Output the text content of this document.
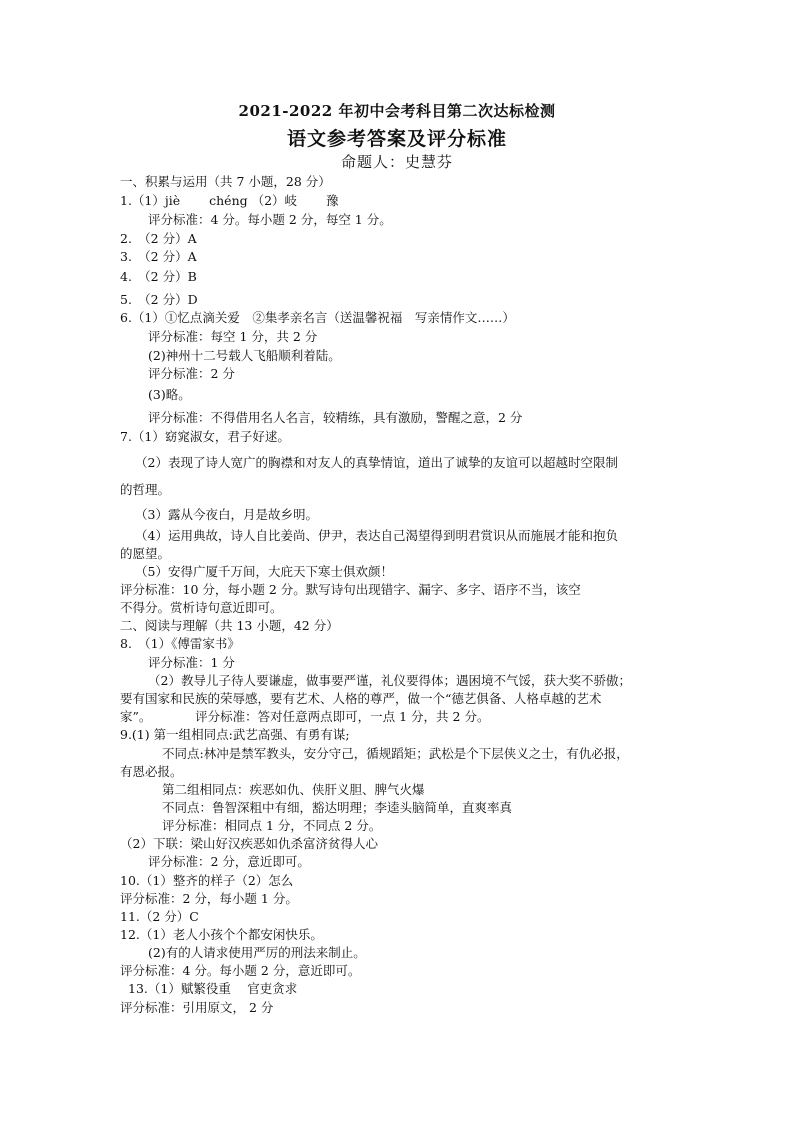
2021-2022 年初中会考科目第二次达标检测
语文参考答案及评分标准
命题人：史慧芬
一、积累与运用（共 7 小题，28 分）
1.（1）jiè　　 chéng （2）岐　　 豫
评分标准：4 分。每小题 2 分，每空 1 分。
2.　（2 分）A
3.　（2 分）A
4.　（2 分）B
5.　（2 分）D
6.（1）①忆点滴关爱　②集孝亲名言（送温馨祝福　写亲情作文……）
评分标准：每空 1 分，共 2 分
(2)神州十二号载人飞船顺利着陆。
评分标准：2 分
(3)略。
评分标准：不得借用名人名言，较精练，具有激励，警醒之意，2 分
7.（1）窈窕淑女，君子好逑。
（2）表现了诗人宽广的胸襟和对友人的真挚情谊，道出了诚挚的友谊可以超越时空限制
的哲理。
（3）露从今夜白，月是故乡明。
（4）运用典故，诗人自比姜尚、伊尹，表达自己渴望得到明君赏识从而施展才能和抱负
的愿望。
（5）安得广厦千万间，大庇天下寒士俱欢颜！
评分标准：10 分，每小题 2 分。默写诗句出现错字、漏字、多字、语序不当，该空
不得分。赏析诗句意近即可。
二、阅读与理解（共 13 小题，42 分）
8.　（1）《傅雷家书》
评分标准：1 分
（2）教导儿子待人要谦虚，做事要严谨，礼仪要得体；遇困境不气馁，获大奖不骄傲；
要有国家和民族的荣辱感，要有艺术、人格的尊严，做一个“德艺俱备、人格卓越的艺术
家”。　　　　评分标准：答对任意两点即可，一点 1 分，共 2 分。
9.(1) 第一组相同点:武艺高强、有勇有谋;
不同点:林冲是禁军教头，安分守己，循规蹈矩；武松是个下层侠义之士，有仇必报，
有恩必报。
第二组相同点：疾恶如仇、侠肝义胆、脾气火爆
不同点：鲁智深粗中有细，豁达明理；李逵头脑简单，直爽率真
评分标准：相同点 1 分，不同点 2 分。
（2）下联：梁山好汉疾恶如仇杀富济贫得人心
评分标准：2 分，意近即可。
10.（1）整齐的样子（2）怎么
评分标准：2 分，每小题 1 分。
11.（2 分）C
12.（1）老人小孩个个都安闲快乐。
(2)有的人请求使用严厉的刑法来制止。
评分标准：4 分。每小题 2 分，意近即可。
13.（1）赋繁役重　 官吏贪求
评分标准：引用原文， 2 分
